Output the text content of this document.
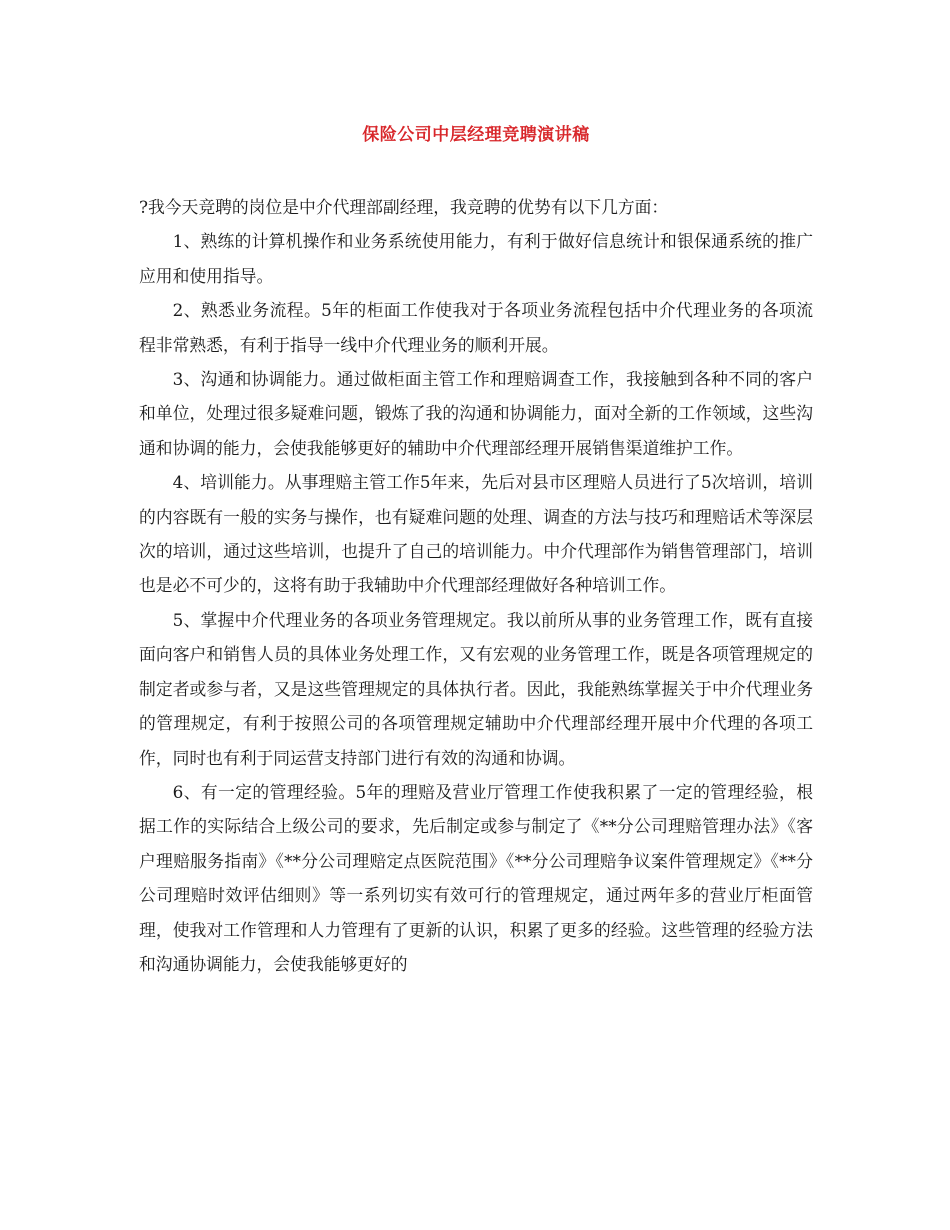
保险公司中层经理竞聘演讲稿

?我今天竞聘的岗位是中介代理部副经理，我竞聘的优势有以下几方面：

1、熟练的计算机操作和业务系统使用能力，有利于做好信息统计和银保通系统的推广应用和使用指导。

2、熟悉业务流程。5年的柜面工作使我对于各项业务流程包括中介代理业务的各项流程非常熟悉，有利于指导一线中介代理业务的顺利开展。

3、沟通和协调能力。通过做柜面主管工作和理赔调查工作，我接触到各种不同的客户和单位，处理过很多疑难问题，锻炼了我的沟通和协调能力，面对全新的工作领域，这些沟通和协调的能力，会使我能够更好的辅助中介代理部经理开展销售渠道维护工作。

4、培训能力。从事理赔主管工作5年来，先后对县市区理赔人员进行了5次培训，培训的内容既有一般的实务与操作，也有疑难问题的处理、调查的方法与技巧和理赔话术等深层次的培训，通过这些培训，也提升了自己的培训能力。中介代理部作为销售管理部门，培训也是必不可少的，这将有助于我辅助中介代理部经理做好各种培训工作。

5、掌握中介代理业务的各项业务管理规定。我以前所从事的业务管理工作，既有直接面向客户和销售人员的具体业务处理工作，又有宏观的业务管理工作，既是各项管理规定的制定者或参与者，又是这些管理规定的具体执行者。因此，我能熟练掌握关于中介代理业务的管理规定，有利于按照公司的各项管理规定辅助中介代理部经理开展中介代理的各项工作，同时也有利于同运营支持部门进行有效的沟通和协调。

6、有一定的管理经验。5年的理赔及营业厅管理工作使我积累了一定的管理经验，根据工作的实际结合上级公司的要求，先后制定或参与制定了《**分公司理赔管理办法》《客户理赔服务指南》《**分公司理赔定点医院范围》《**分公司理赔争议案件管理规定》《**分公司理赔时效评估细则》等一系列切实有效可行的管理规定，通过两年多的营业厅柜面管理，使我对工作管理和人力管理有了更新的认识，积累了更多的经验。这些管理的经验方法和沟通协调能力，会使我能够更好的
